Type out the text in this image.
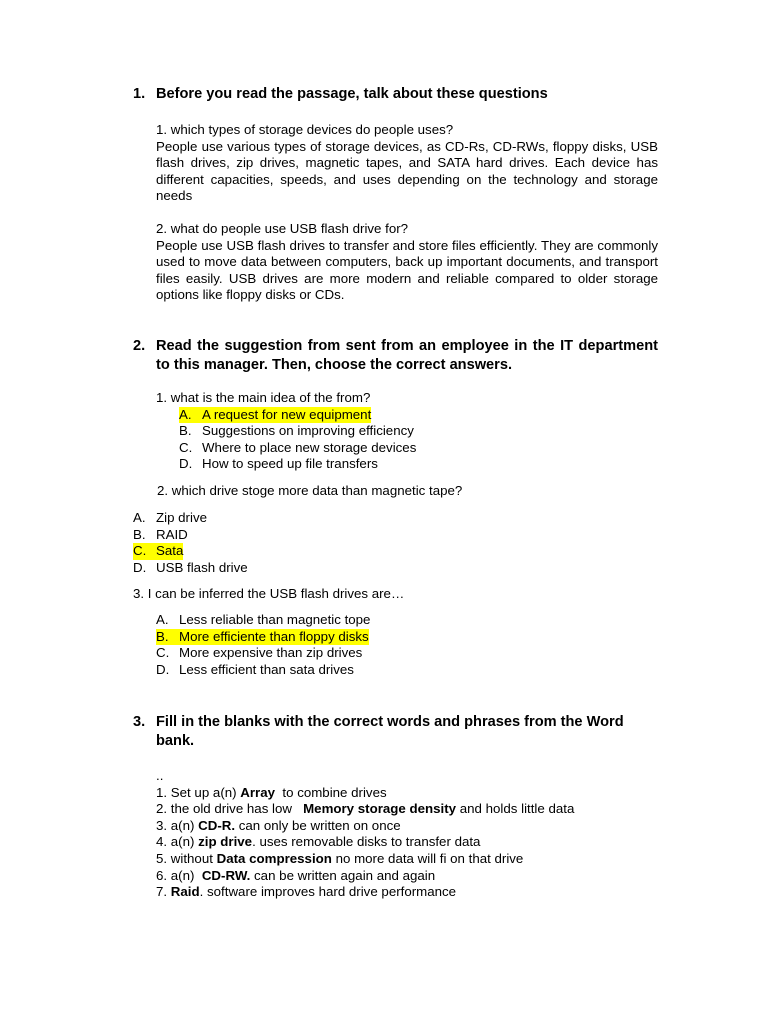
1. Before you read the passage, talk about these questions

1. which types of storage devices do people uses?

People use various types of storage devices, as CD-Rs, CD-RWs, floppy disks, USB flash drives, zip drives, magnetic tapes, and SATA hard drives. Each device has different capacities, speeds, and uses depending on the technology and storage needs

2. what do people use USB flash drive for?

People use USB flash drives to transfer and store files efficiently. They are commonly used to move data between computers, back up important documents, and transport files easily. USB drives are more modern and reliable compared to older storage options like floppy disks or CDs.

2. Read the suggestion from sent from an employee in the IT department to this manager. Then, choose the correct answers.
1. what is the main idea of the from?
A. A request for new equipment
B. Suggestions on improving efficiency
C. Where to place new storage devices
D. How to speed up file transfers
2. which drive stoge more data than magnetic tape?
A. Zip drive
B. RAID
C. Sata
D. USB flash drive
3. I can be inferred the USB flash drives are…
A. Less reliable than magnetic tope
B. More efficiente than floppy disks
C. More expensive than zip drives
D. Less efficient than sata drives
3. Fill in the blanks with the correct words and phrases from the Word bank.
..
1. Set up a(n) Array  to combine drives
2. the old drive has low   Memory storage density and holds little data
3. a(n) CD-R. can only be written on once
4. a(n) zip drive. uses removable disks to transfer data
5. without Data compression no more data will fi on that drive
6. a(n)  CD-RW. can be written again and again
7. Raid. software improves hard drive performance
